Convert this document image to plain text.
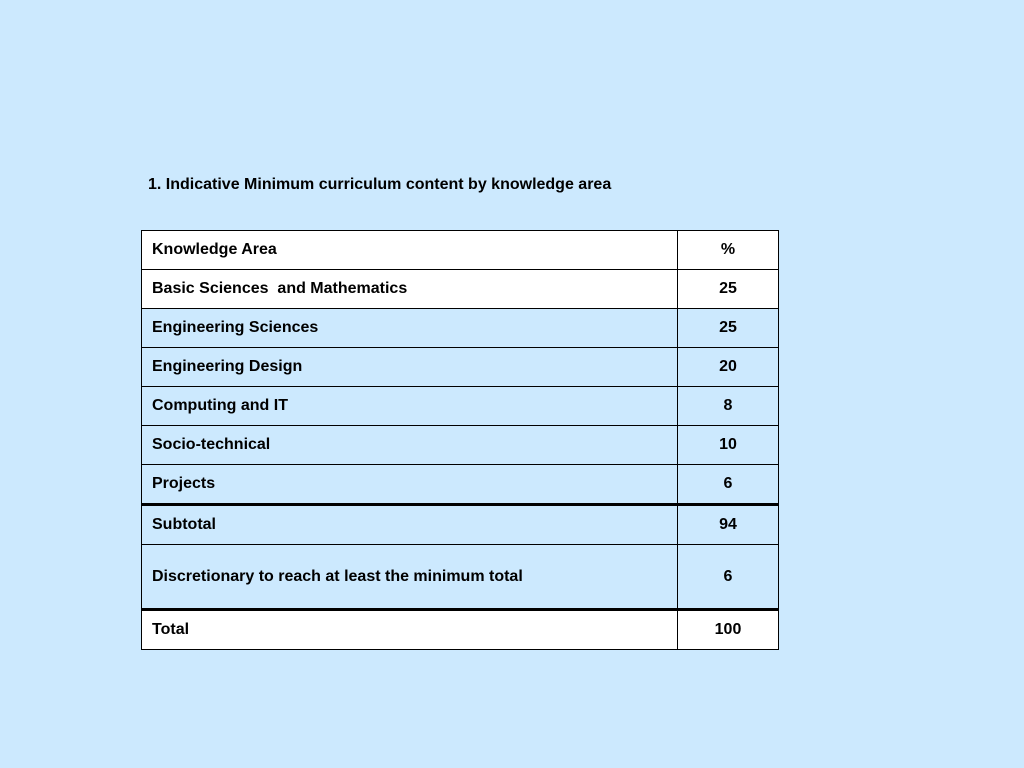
1. Indicative Minimum curriculum content by knowledge area
Knowledge Area	%
Basic Sciences  and Mathematics	25
Engineering Sciences	25
Engineering Design	20
Computing and IT	8
Socio-technical	10
Projects	6
Subtotal	94
Discretionary to reach at least the minimum total	6
Total	100
